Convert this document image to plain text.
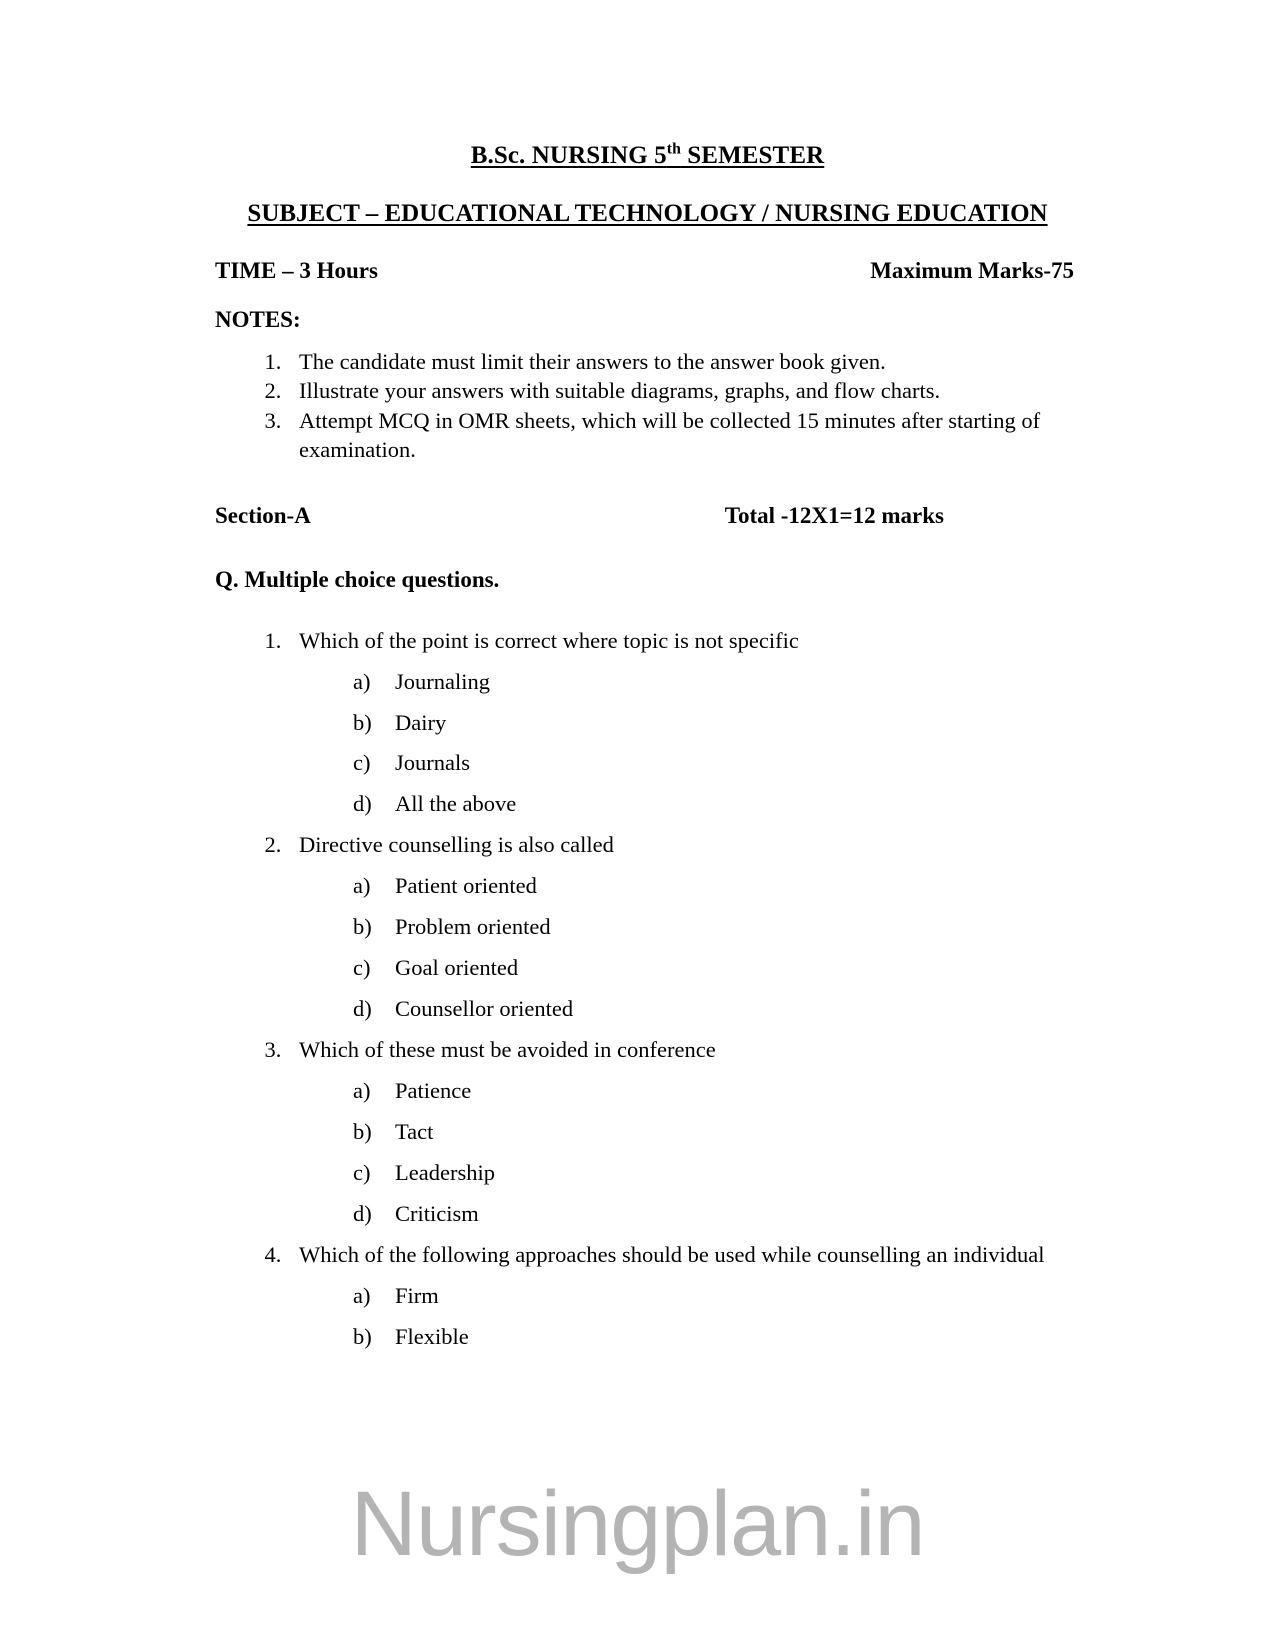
B.Sc. NURSING 5th SEMESTER
SUBJECT – EDUCATIONAL TECHNOLOGY / NURSING EDUCATION
TIME – 3 Hours	Maximum Marks-75
NOTES:
1. The candidate must limit their answers to the answer book given.
2. Illustrate your answers with suitable diagrams, graphs, and flow charts.
3. Attempt MCQ in OMR sheets, which will be collected 15 minutes after starting of examination.
Section-A	Total -12X1=12 marks
Q. Multiple choice questions.
1. Which of the point is correct where topic is not specific
Journaling
Dairy
Journals
All the above
2. Directive counselling is also called
Patient oriented
Problem oriented
Goal oriented
Counsellor oriented
3. Which of these must be avoided in conference
Patience
Tact
Leadership
Criticism
4. Which of the following approaches should be used while counselling an individual
Firm
Flexible
Nursingplan.in
